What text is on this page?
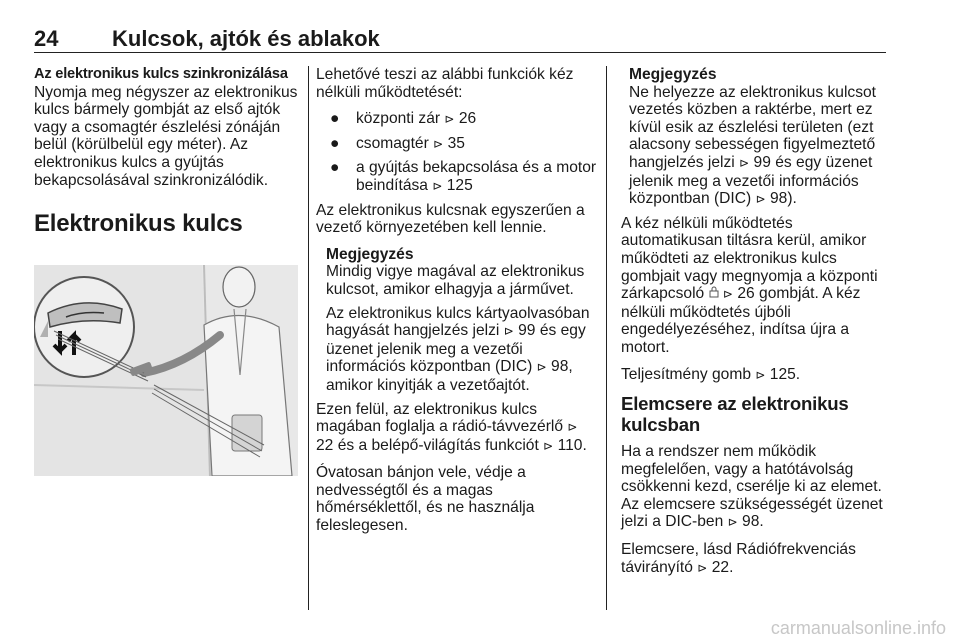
24 Kulcsok, ajtók és ablakok
Az elektronikus kulcs szinkronizálása

Nyomja meg négyszer az elektronikus kulcs bármely gombját az első ajtók vagy a csomagtér észlelési zónáján belül (körülbelül egy méter). Az elektronikus kulcs a gyújtás bekapcsolásával szinkronizálódik.

Elektronikus kulcs

Lehetővé teszi az alábbi funkciók kéz nélküli működtetését:

● központi zár ⊳ 26
● csomagtér ⊳ 35
● a gyújtás bekapcsolása és a motor beindítása ⊳ 125

Az elektronikus kulcsnak egyszerűen a vezető környezetében kell lennie.

Megjegyzés

Mindig vigye magával az elektronikus kulcsot, amikor elhagyja a járművet.

Az elektronikus kulcs kártyaolvasóban hagyását hangjelzés jelzi ⊳ 99 és egy üzenet jelenik meg a vezetői információs központban (DIC) ⊳ 98, amikor kinyitják a vezetőajtót.

Ezen felül, az elektronikus kulcs magában foglalja a rádió-távvezérlő ⊳ 22 és a belépő-világítás funkciót ⊳ 110.

Óvatosan bánjon vele, védje a nedvességtől és a magas hőmérséklettől, és ne használja feleslegesen.

Megjegyzés

Ne helyezze az elektronikus kulcsot vezetés közben a raktérbe, mert ez kívül esik az észlelési területen (ezt alacsony sebességen figyelmeztető hangjelzés jelzi ⊳ 99 és egy üzenet jelenik meg a vezetői információs központban (DIC) ⊳ 98).

A kéz nélküli működtetés automatikusan tiltásra kerül, amikor működteti az elektronikus kulcs gombjait vagy megnyomja a központi zárkapcsoló ⊳ 26 gombját. A kéz nélküli működtetés újbóli engedélyezéséhez, indítsa újra a motort.

Teljesítmény gomb ⊳ 125.

Elemcsere az elektronikus kulcsban

Ha a rendszer nem működik megfelelően, vagy a hatótávolság csökkenni kezd, cserélje ki az elemet. Az elemcsere szükségességét üzenet jelzi a DIC-ben ⊳ 98.

Elemcsere, lásd Rádiófrekvenciás távirányító ⊳ 22.

carmanualsonline.info
